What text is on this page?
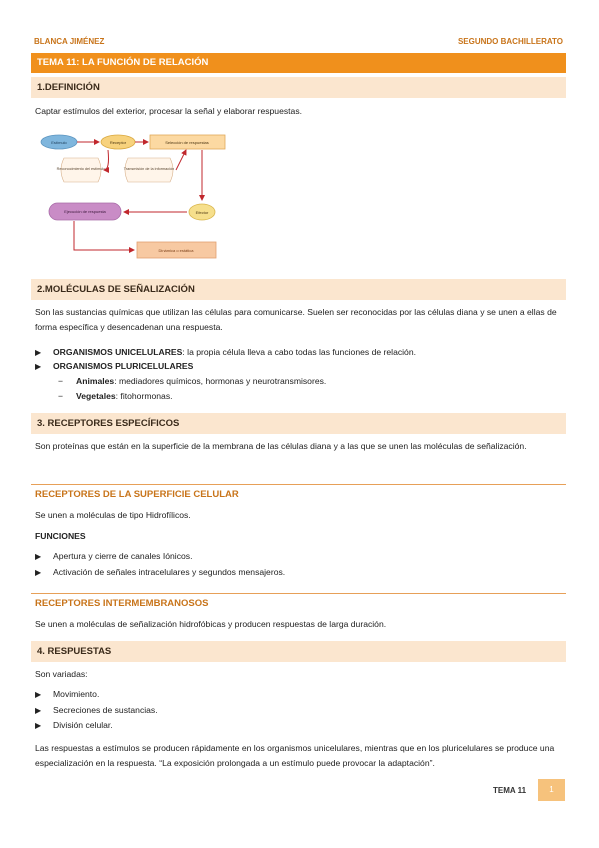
BLANCA JIMÉNEZ	SEGUNDO BACHILLERATO
TEMA 11: LA FUNCIÓN DE RELACIÓN
1.DEFINICIÓN
Captar estímulos del exterior, procesar la señal y elaborar respuestas.
Estímulo	Receptor	Selección de respuestas
Reconocimiento del estímulo	Transmisión de la información
Efector
Ejecución de respuesta
Dinámica o estática
2.MOLÉCULAS DE SEÑALIZACIÓN
Son las sustancias químicas que utilizan las células para comunicarse. Suelen ser reconocidas por las células diana y se unen a ellas de forma específica y desencadenan una respuesta.
▶ ORGANISMOS UNICELULARES: la propia célula lleva a cabo todas las funciones de relación.
▶ ORGANISMOS PLURICELULARES
− Animales: mediadores químicos, hormonas y neurotransmisores.
− Vegetales: fitohormonas.
3. RECEPTORES ESPECÍFICOS
Son proteínas que están en la superficie de la membrana de las células diana y a las que se unen las moléculas de señalización.
RECEPTORES DE LA SUPERFICIE CELULAR
Se unen a moléculas de tipo Hidrofílicos.
FUNCIONES
▶ Apertura y cierre de canales Iónicos.
▶ Activación de señales intracelulares y segundos mensajeros.
RECEPTORES INTERMEMBRANOSOS
Se unen a moléculas de señalización hidrofóbicas y producen respuestas de larga duración.
4. RESPUESTAS
Son variadas:
▶ Movimiento.
▶ Secreciones de sustancias.
▶ División celular.
Las respuestas a estímulos se producen rápidamente en los organismos unicelulares, mientras que en los pluricelulares se produce una especialización en la respuesta. “La exposición prolongada a un estímulo puede provocar la adaptación”.
TEMA 11	1
